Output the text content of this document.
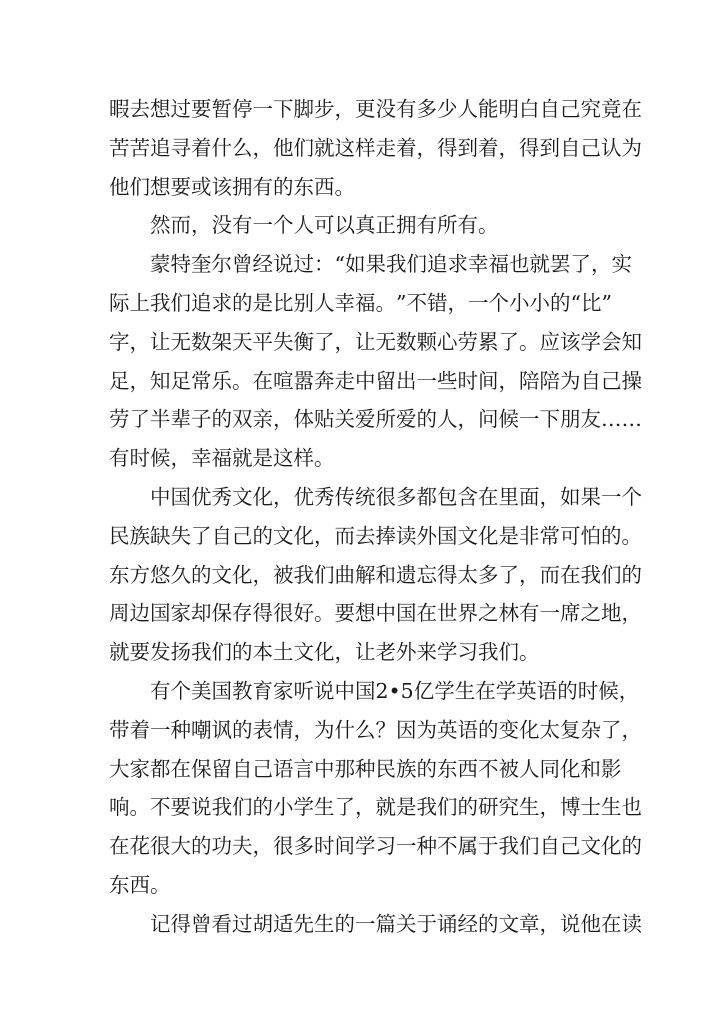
暇 去 想 过 要 暂 停 一 下 脚 步 ， 更 没 有 多 少 人 能 明 白 自 己 究 竟 在
苦 苦 追 寻 着 什 么 ， 他 们 就 这 样 走 着 ， 得 到 着 ， 得 到 自 己 认 为
他们想要或该拥有的东西。
然而，没有一个人可以真正拥有所有。
蒙 特 奎 尔 曾 经 说 过 ： “ 如 果 我 们 追 求 幸 福 也 就 罢 了 ， 实
际 上 我 们 追 求 的 是 比 别 人 幸 福 。 ” 不 错 ， 一 个 小 小 的 “ 比 ”
字 ， 让 无 数 架 天 平 失 衡 了 ， 让 无 数 颗 心 劳 累 了 。 应 该 学 会 知
足 ， 知 足 常 乐 。 在 喧 嚣 奔 走 中 留 出 一 些 时 间 ， 陪 陪 为 自 己 操
劳 了 半 辈 子 的 双 亲 ， 体 贴 关 爱 所 爱 的 人 ， 问 候 一 下 朋 友 … …
有时候，幸福就是这样。
中 国 优 秀 文 化 ， 优 秀 传 统 很 多 都 包 含 在 里 面 ， 如 果 一 个
民 族 缺 失 了 自 己 的 文 化 ， 而 去 捧 读 外 国 文 化 是 非 常 可 怕 的 。
东 方 悠 久 的 文 化 ， 被 我 们 曲 解 和 遗 忘 得 太 多 了 ， 而 在 我 们 的
周 边 国 家 却 保 存 得 很 好 。 要 想 中 国 在 世 界 之 林 有 一 席 之 地 ，
就要发扬我们的本土文化，让老外来学习我们。
有 个 美 国 教 育 家 听 说 中 国 2 • 5 亿 学 生 在 学 英 语 的 时 候 ，
带 着 一 种 嘲 讽 的 表 情 ， 为 什 么 ？ 因 为 英 语 的 变 化 太 复 杂 了 ，
大 家 都 在 保 留 自 己 语 言 中 那 种 民 族 的 东 西 不 被 人 同 化 和 影
响 。 不 要 说 我 们 的 小 学 生 了 ， 就 是 我 们 的 研 究 生 ， 博 士 生 也
在 花 很 大 的 功 夫 ， 很 多 时 间 学 习 一 种 不 属 于 我 们 自 己 文 化 的
东西。
记 得 曾 看 过 胡 适 先 生 的 一 篇 关 于 诵 经 的 文 章 ， 说 他 在 读
